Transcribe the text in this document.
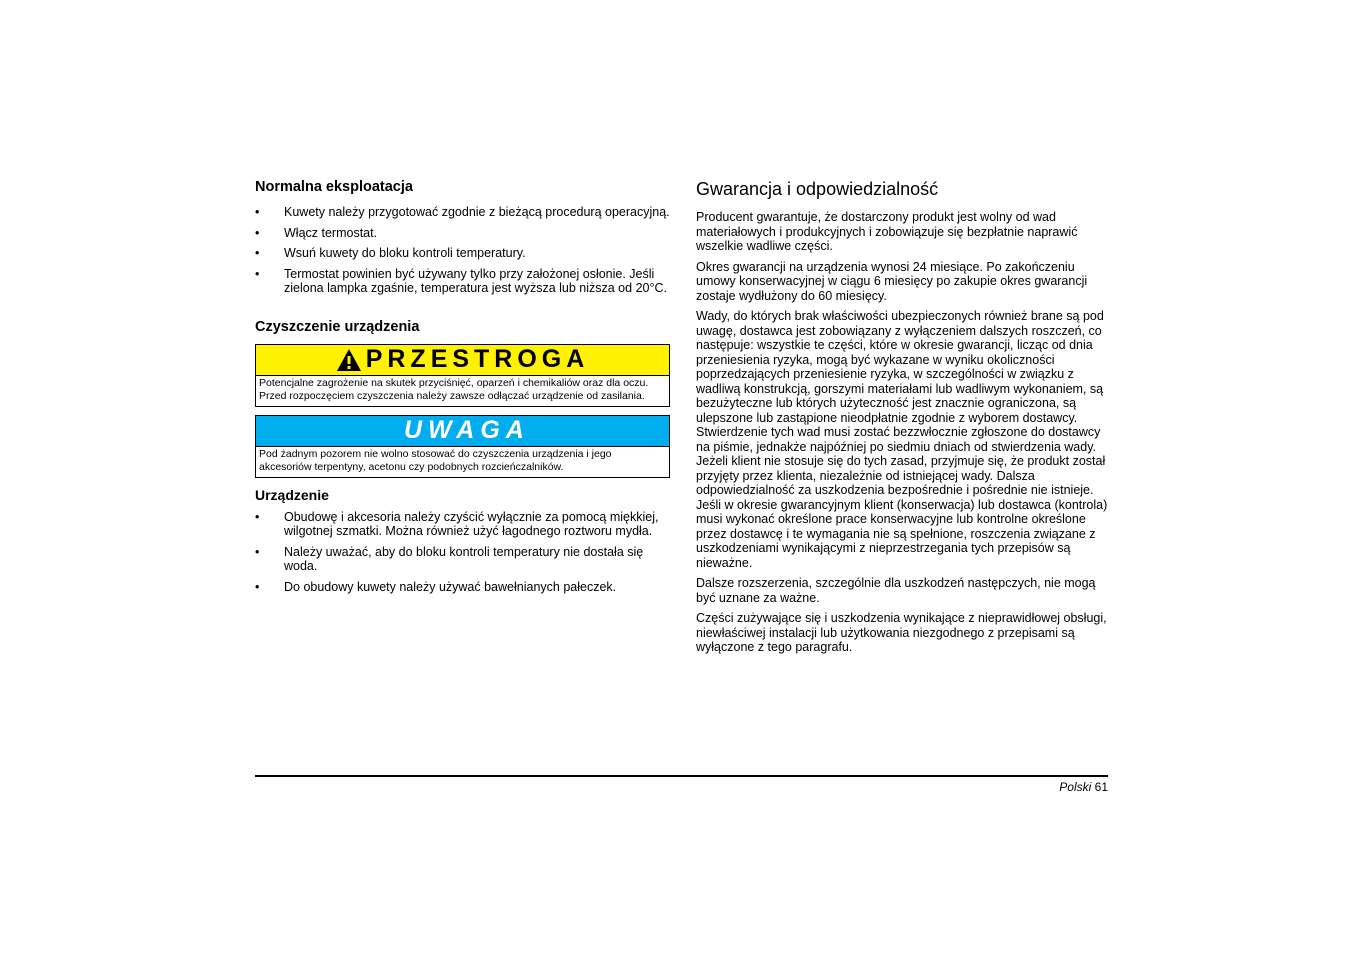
Normalna eksploatacja
• Kuwety należy przygotować zgodnie z bieżącą procedurą operacyjną.
• Włącz termostat.
• Wsuń kuwety do bloku kontroli temperatury.
• Termostat powinien być używany tylko przy założonej osłonie. Jeśli zielona lampka zgaśnie, temperatura jest wyższa lub niższa od 20°C.
Czyszczenie urządzenia
PRZESTROGA
Potencjalne zagrożenie na skutek przyciśnięć, oparzeń i chemikaliów oraz dla oczu. Przed rozpoczęciem czyszczenia należy zawsze odłączać urządzenie od zasilania.
UWAGA
Pod żadnym pozorem nie wolno stosować do czyszczenia urządzenia i jego akcesoriów terpentyny, acetonu czy podobnych rozcieńczalników.
Urządzenie
• Obudowę i akcesoria należy czyścić wyłącznie za pomocą miękkiej, wilgotnej szmatki. Można również użyć łagodnego roztworu mydła.
• Należy uważać, aby do bloku kontroli temperatury nie dostała się woda.
• Do obudowy kuwety należy używać bawełnianych pałeczek.
Gwarancja i odpowiedzialność

Producent gwarantuje, że dostarczony produkt jest wolny od wad materiałowych i produkcyjnych i zobowiązuje się bezpłatnie naprawić wszelkie wadliwe części.

Okres gwarancji na urządzenia wynosi 24 miesiące. Po zakończeniu umowy konserwacyjnej w ciągu 6 miesięcy po zakupie okres gwarancji zostaje wydłużony do 60 miesięcy.

Wady, do których brak właściwości ubezpieczonych również brane są pod uwagę, dostawca jest zobowiązany z wyłączeniem dalszych roszczeń, co następuje: wszystkie te części, które w okresie gwarancji, licząc od dnia przeniesienia ryzyka, mogą być wykazane w wyniku okoliczności poprzedzających przeniesienie ryzyka, w szczególności w związku z wadliwą konstrukcją, gorszymi materiałami lub wadliwym wykonaniem, są bezużyteczne lub których użyteczność jest znacznie ograniczona, są ulepszone lub zastąpione nieodpłatnie zgodnie z wyborem dostawcy. Stwierdzenie tych wad musi zostać bezzwłocznie zgłoszone do dostawcy na piśmie, jednakże najpóźniej po siedmiu dniach od stwierdzenia wady. Jeżeli klient nie stosuje się do tych zasad, przyjmuje się, że produkt został przyjęty przez klienta, niezależnie od istniejącej wady. Dalsza odpowiedzialność za uszkodzenia bezpośrednie i pośrednie nie istnieje. Jeśli w okresie gwarancyjnym klient (konserwacja) lub dostawca (kontrola) musi wykonać określone prace konserwacyjne lub kontrolne określone przez dostawcę i te wymagania nie są spełnione, roszczenia związane z uszkodzeniami wynikającymi z nieprzestrzegania tych przepisów są nieważne.

Dalsze rozszerzenia, szczególnie dla uszkodzeń następczych, nie mogą być uznane za ważne.

Części zużywające się i uszkodzenia wynikające z nieprawidłowej obsługi, niewłaściwej instalacji lub użytkowania niezgodnego z przepisami są wyłączone z tego paragrafu.

Polski 61
